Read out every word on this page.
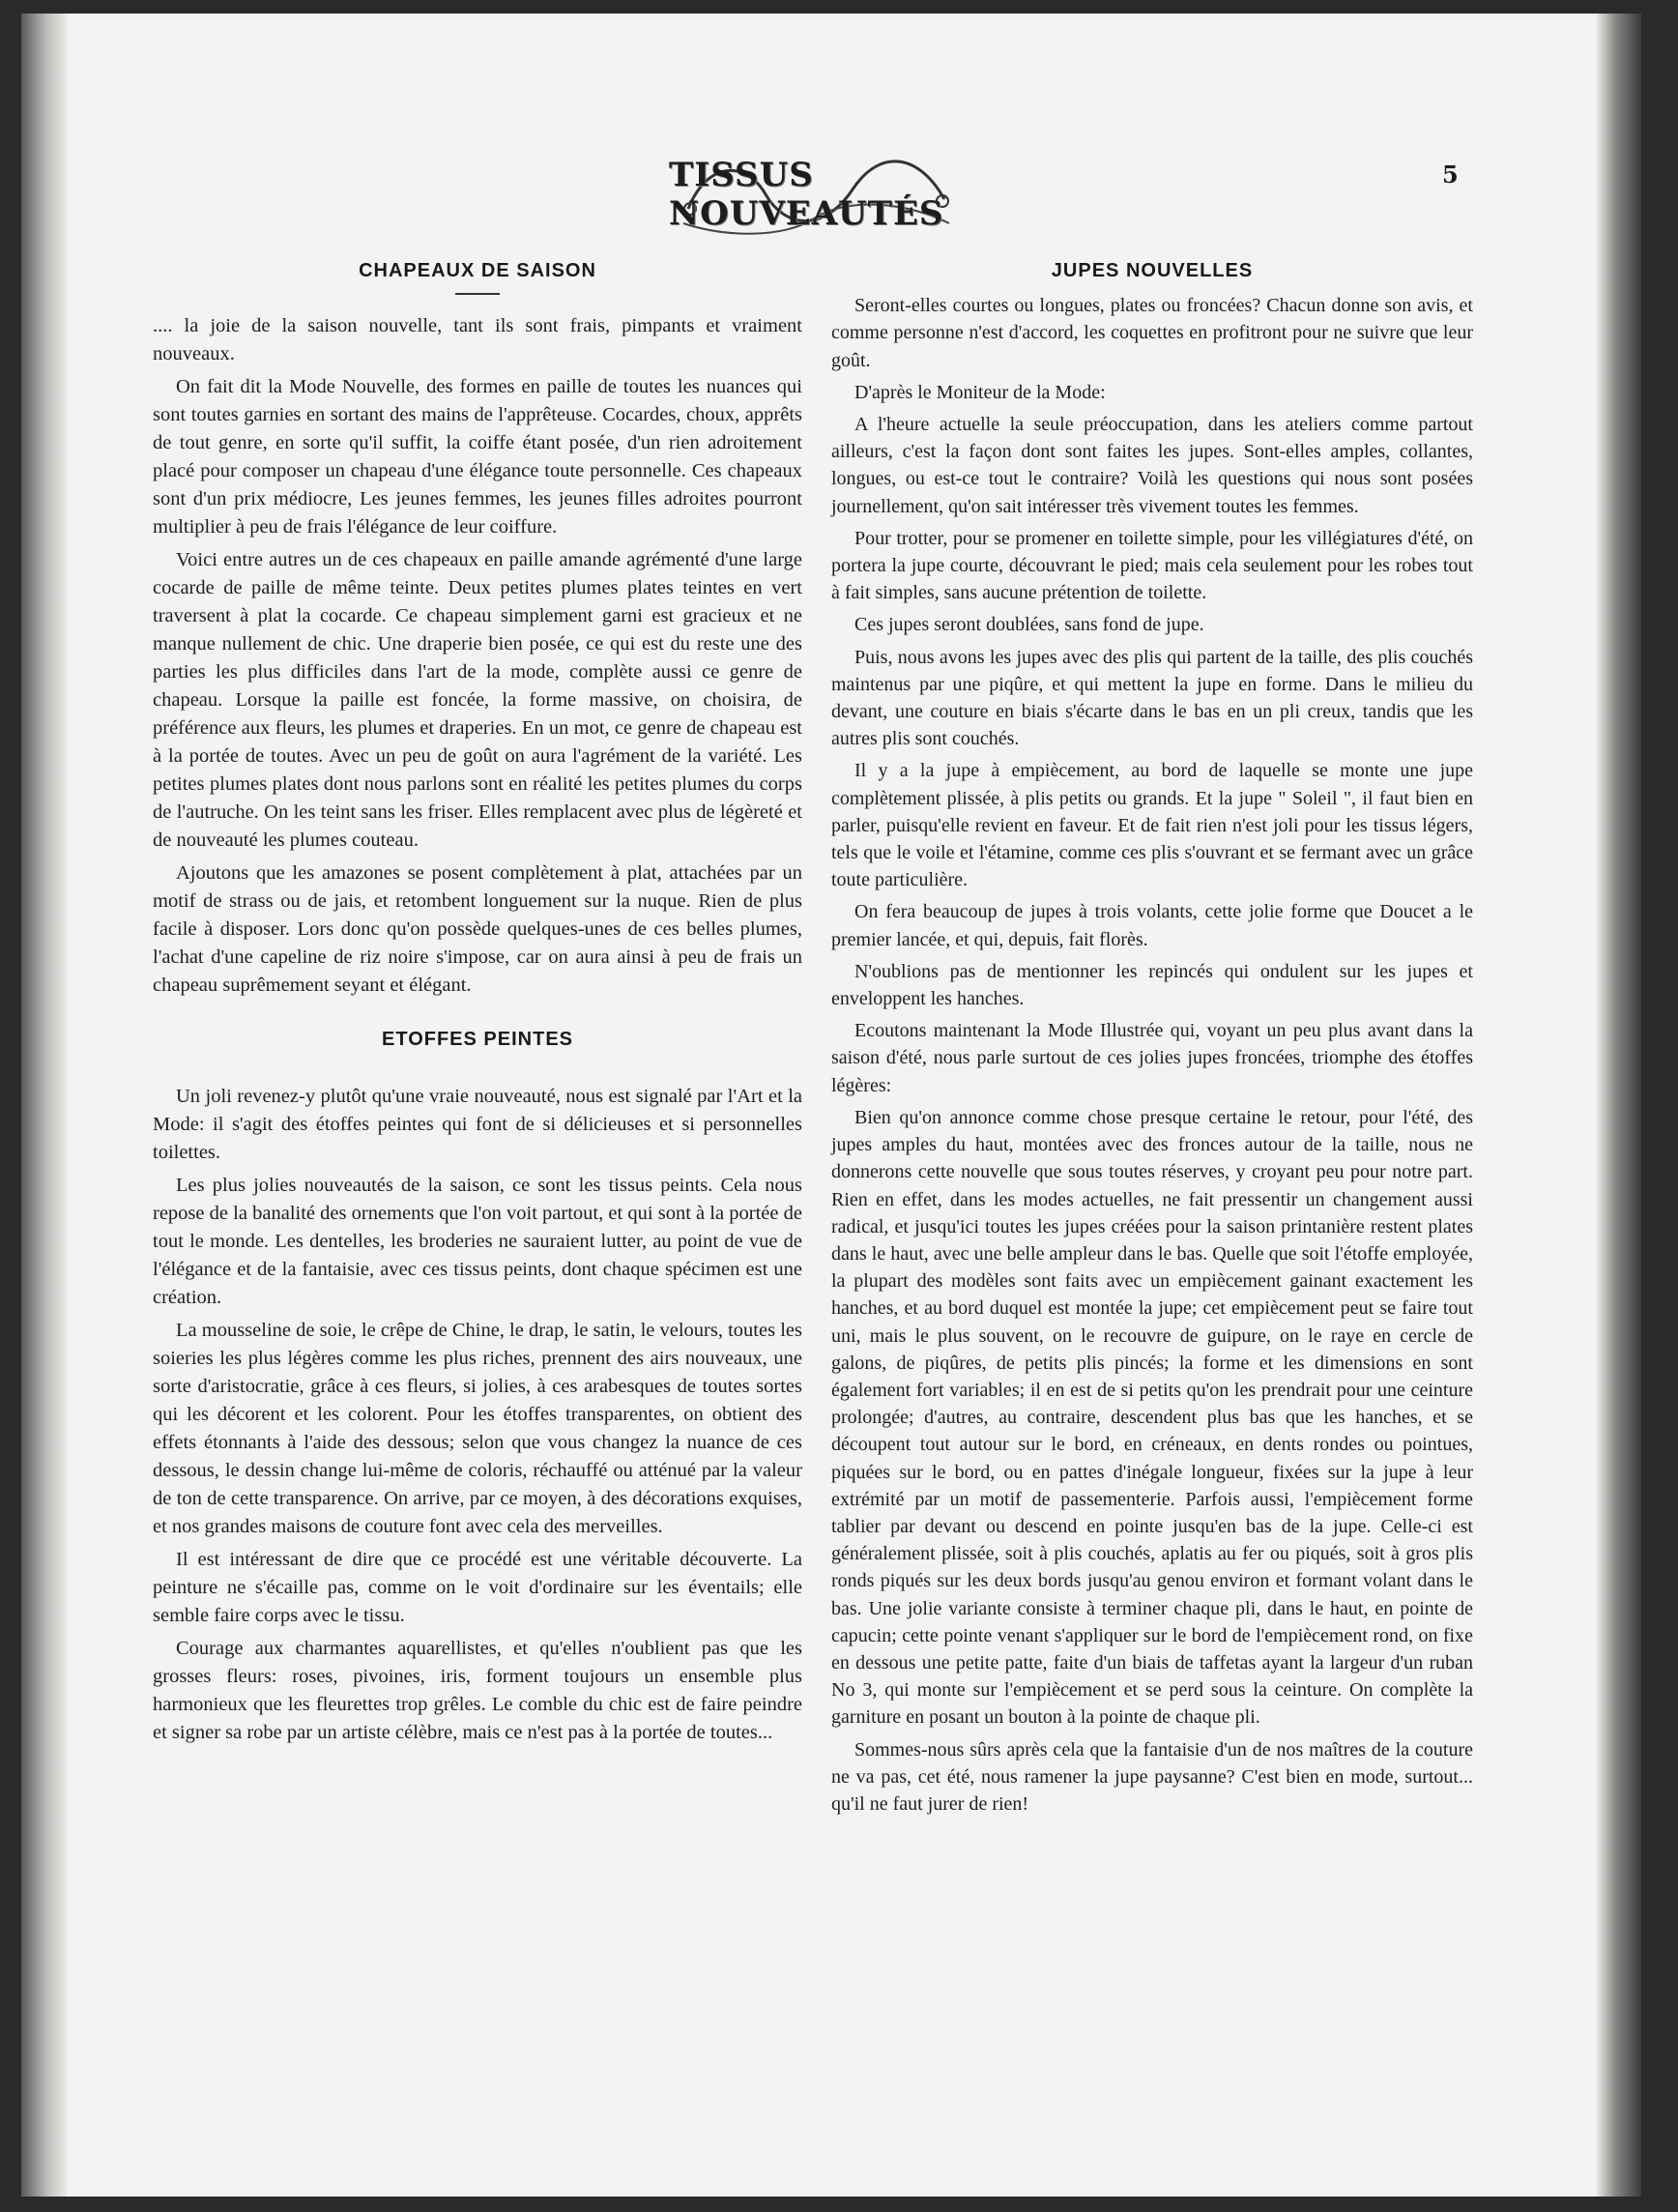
TISSUS NOUVEAUTÉS
5
CHAPEAUX DE SAISON

.... la joie de la saison nouvelle, tant ils sont frais, pimpants et vraiment nouveaux.

On fait dit la Mode Nouvelle, des formes en paille de toutes les nuances qui sont toutes garnies en sortant des mains de l'apprêteuse. Cocardes, choux, apprêts de tout genre, en sorte qu'il suffit, la coiffe étant posée, d'un rien adroitement placé pour composer un chapeau d'une élégance toute personnelle. Ces chapeaux sont d'un prix médiocre, Les jeunes femmes, les jeunes filles adroites pourront multiplier à peu de frais l'élégance de leur coiffure.

Voici entre autres un de ces chapeaux en paille amande agrémenté d'une large cocarde de paille de même teinte. Deux petites plumes plates teintes en vert traversent à plat la cocarde. Ce chapeau simplement garni est gracieux et ne manque nullement de chic. Une draperie bien posée, ce qui est du reste une des parties les plus difficiles dans l'art de la mode, complète aussi ce genre de chapeau. Lorsque la paille est foncée, la forme massive, on choisira, de préférence aux fleurs, les plumes et draperies. En un mot, ce genre de chapeau est à la portée de toutes. Avec un peu de goût on aura l'agrément de la variété. Les petites plumes plates dont nous parlons sont en réalité les petites plumes du corps de l'autruche. On les teint sans les friser. Elles remplacent avec plus de légèreté et de nouveauté les plumes couteau.

Ajoutons que les amazones se posent complètement à plat, attachées par un motif de strass ou de jais, et retombent longuement sur la nuque. Rien de plus facile à disposer. Lors donc qu'on possède quelques-unes de ces belles plumes, l'achat d'une capeline de riz noire s'impose, car on aura ainsi à peu de frais un chapeau suprêmement seyant et élégant.

ETOFFES PEINTES

Un joli revenez-y plutôt qu'une vraie nouveauté, nous est signalé par l'Art et la Mode: il s'agit des étoffes peintes qui font de si délicieuses et si personnelles toilettes.

Les plus jolies nouveautés de la saison, ce sont les tissus peints. Cela nous repose de la banalité des ornements que l'on voit partout, et qui sont à la portée de tout le monde. Les dentelles, les broderies ne sauraient lutter, au point de vue de l'élégance et de la fantaisie, avec ces tissus peints, dont chaque spécimen est une création.

La mousseline de soie, le crêpe de Chine, le drap, le satin, le velours, toutes les soieries les plus légères comme les plus riches, prennent des airs nouveaux, une sorte d'aristocratie, grâce à ces fleurs, si jolies, à ces arabesques de toutes sortes qui les décorent et les colorent. Pour les étoffes transparentes, on obtient des effets étonnants à l'aide des dessous; selon que vous changez la nuance de ces dessous, le dessin change lui-même de coloris, réchauffé ou atténué par la valeur de ton de cette transparence. On arrive, par ce moyen, à des décorations exquises, et nos grandes maisons de couture font avec cela des merveilles.

Il est intéressant de dire que ce procédé est une véritable découverte. La peinture ne s'écaille pas, comme on le voit d'ordinaire sur les éventails; elle semble faire corps avec le tissu.

Courage aux charmantes aquarellistes, et qu'elles n'oublient pas que les grosses fleurs: roses, pivoines, iris, forment toujours un ensemble plus harmonieux que les fleurettes trop grêles. Le comble du chic est de faire peindre et signer sa robe par un artiste célèbre, mais ce n'est pas à la portée de toutes...

JUPES NOUVELLES

Seront-elles courtes ou longues, plates ou froncées? Chacun donne son avis, et comme personne n'est d'accord, les coquettes en profitront pour ne suivre que leur goût.

D'après le Moniteur de la Mode:

A l'heure actuelle la seule préoccupation, dans les ateliers comme partout ailleurs, c'est la façon dont sont faites les jupes. Sont-elles amples, collantes, longues, ou est-ce tout le contraire? Voilà les questions qui nous sont posées journellement, qu'on sait intéresser très vivement toutes les femmes.

Pour trotter, pour se promener en toilette simple, pour les villégiatures d'été, on portera la jupe courte, découvrant le pied; mais cela seulement pour les robes tout à fait simples, sans aucune prétention de toilette.

Ces jupes seront doublées, sans fond de jupe.

Puis, nous avons les jupes avec des plis qui partent de la taille, des plis couchés maintenus par une piqûre, et qui mettent la jupe en forme. Dans le milieu du devant, une couture en biais s'écarte dans le bas en un pli creux, tandis que les autres plis sont couchés.

Il y a la jupe à empiècement, au bord de laquelle se monte une jupe complètement plissée, à plis petits ou grands. Et la jupe " Soleil ", il faut bien en parler, puisqu'elle revient en faveur. Et de fait rien n'est joli pour les tissus légers, tels que le voile et l'étamine, comme ces plis s'ouvrant et se fermant avec un grâce toute particulière.

On fera beaucoup de jupes à trois volants, cette jolie forme que Doucet a le premier lancée, et qui, depuis, fait florès.

N'oublions pas de mentionner les repincés qui ondulent sur les jupes et enveloppent les hanches.

Ecoutons maintenant la Mode Illustrée qui, voyant un peu plus avant dans la saison d'été, nous parle surtout de ces jolies jupes froncées, triomphe des étoffes légères:

Bien qu'on annonce comme chose presque certaine le retour, pour l'été, des jupes amples du haut, montées avec des fronces autour de la taille, nous ne donnerons cette nouvelle que sous toutes réserves, y croyant peu pour notre part. Rien en effet, dans les modes actuelles, ne fait pressentir un changement aussi radical, et jusqu'ici toutes les jupes créées pour la saison printanière restent plates dans le haut, avec une belle ampleur dans le bas. Quelle que soit l'étoffe employée, la plupart des modèles sont faits avec un empiècement gainant exactement les hanches, et au bord duquel est montée la jupe; cet empiècement peut se faire tout uni, mais le plus souvent, on le recouvre de guipure, on le raye en cercle de galons, de piqûres, de petits plis pincés; la forme et les dimensions en sont également fort variables; il en est de si petits qu'on les prendrait pour une ceinture prolongée; d'autres, au contraire, descendent plus bas que les hanches, et se découpent tout autour sur le bord, en créneaux, en dents rondes ou pointues, piquées sur le bord, ou en pattes d'inégale longueur, fixées sur la jupe à leur extrémité par un motif de passementerie. Parfois aussi, l'empiècement forme tablier par devant ou descend en pointe jusqu'en bas de la jupe. Celle-ci est généralement plissée, soit à plis couchés, aplatis au fer ou piqués, soit à gros plis ronds piqués sur les deux bords jusqu'au genou environ et formant volant dans le bas. Une jolie variante consiste à terminer chaque pli, dans le haut, en pointe de capucin; cette pointe venant s'appliquer sur le bord de l'empiècement rond, on fixe en dessous une petite patte, faite d'un biais de taffetas ayant la largeur d'un ruban No 3, qui monte sur l'empiècement et se perd sous la ceinture. On complète la garniture en posant un bouton à la pointe de chaque pli.

Sommes-nous sûrs après cela que la fantaisie d'un de nos maîtres de la couture ne va pas, cet été, nous ramener la jupe paysanne? C'est bien en mode, surtout... qu'il ne faut jurer de rien!
